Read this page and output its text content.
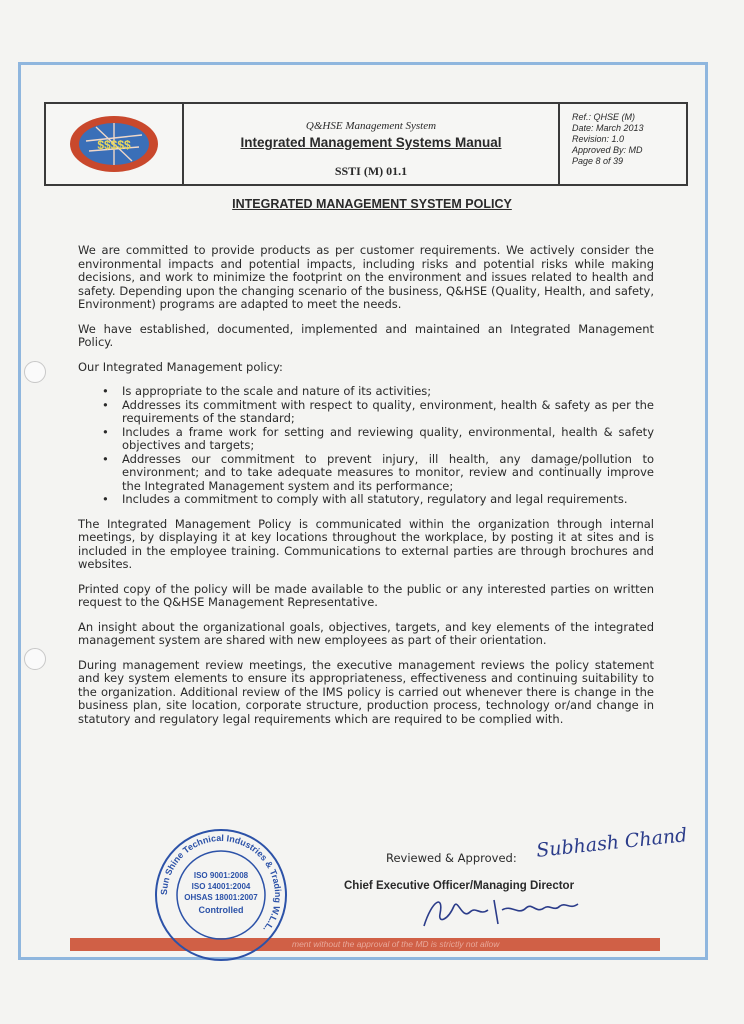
$$$$$
Q&HSE Management System
Integrated Management Systems Manual
SSTI (M) 01.1
Ref.: QHSE (M)
Date: March 2013
Revision: 1.0
Approved By: MD
Page 8 of 39
INTEGRATED MANAGEMENT SYSTEM POLICY

We are committed to provide products as per customer requirements. We actively consider the environmental impacts and potential impacts, including risks and potential risks while making decisions, and work to minimize the footprint on the environment and issues related to health and safety. Depending upon the changing scenario of the business, Q&HSE (Quality, Health, and safety, Environment) programs are adapted to meet the needs.

We have established, documented, implemented and maintained an Integrated Management Policy.

Our Integrated Management policy:

• Is appropriate to the scale and nature of its activities;
• Addresses its commitment with respect to quality, environment, health & safety as per the requirements of the standard;
• Includes a frame work for setting and reviewing quality, environmental, health & safety objectives and targets;
• Addresses our commitment to prevent injury, ill health, any damage/pollution to environment; and to take adequate measures to monitor, review and continually improve the Integrated Management system and its performance;
• Includes a commitment to comply with all statutory, regulatory and legal requirements.

The Integrated Management Policy is communicated within the organization through internal meetings, by displaying it at key locations throughout the workplace, by posting it at sites and is included in the employee training. Communications to external parties are through brochures and websites.

Printed copy of the policy will be made available to the public or any interested parties on written request to the Q&HSE Management Representative.

An insight about the organizational goals, objectives, targets, and key elements of the integrated management system are shared with new employees as part of their orientation.

During management review meetings, the executive management reviews the policy statement and key system elements to ensure its appropriateness, effectiveness and continuing suitability to the organization. Additional review of the IMS policy is carried out whenever there is change in the business plan, site location, corporate structure, production process, technology or/and change in statutory and regulatory legal requirements which are required to be complied with.

Reviewed & Approved: Subhash Chand
Chief Executive Officer/Managing Director
ment without the approval of the MD is strictly not allow
Sun Shine Technical Industries & Trading W.L.L.
ISO 9001:2008
ISO 14001:2004
OHSAS 18001:2007
Controlled
